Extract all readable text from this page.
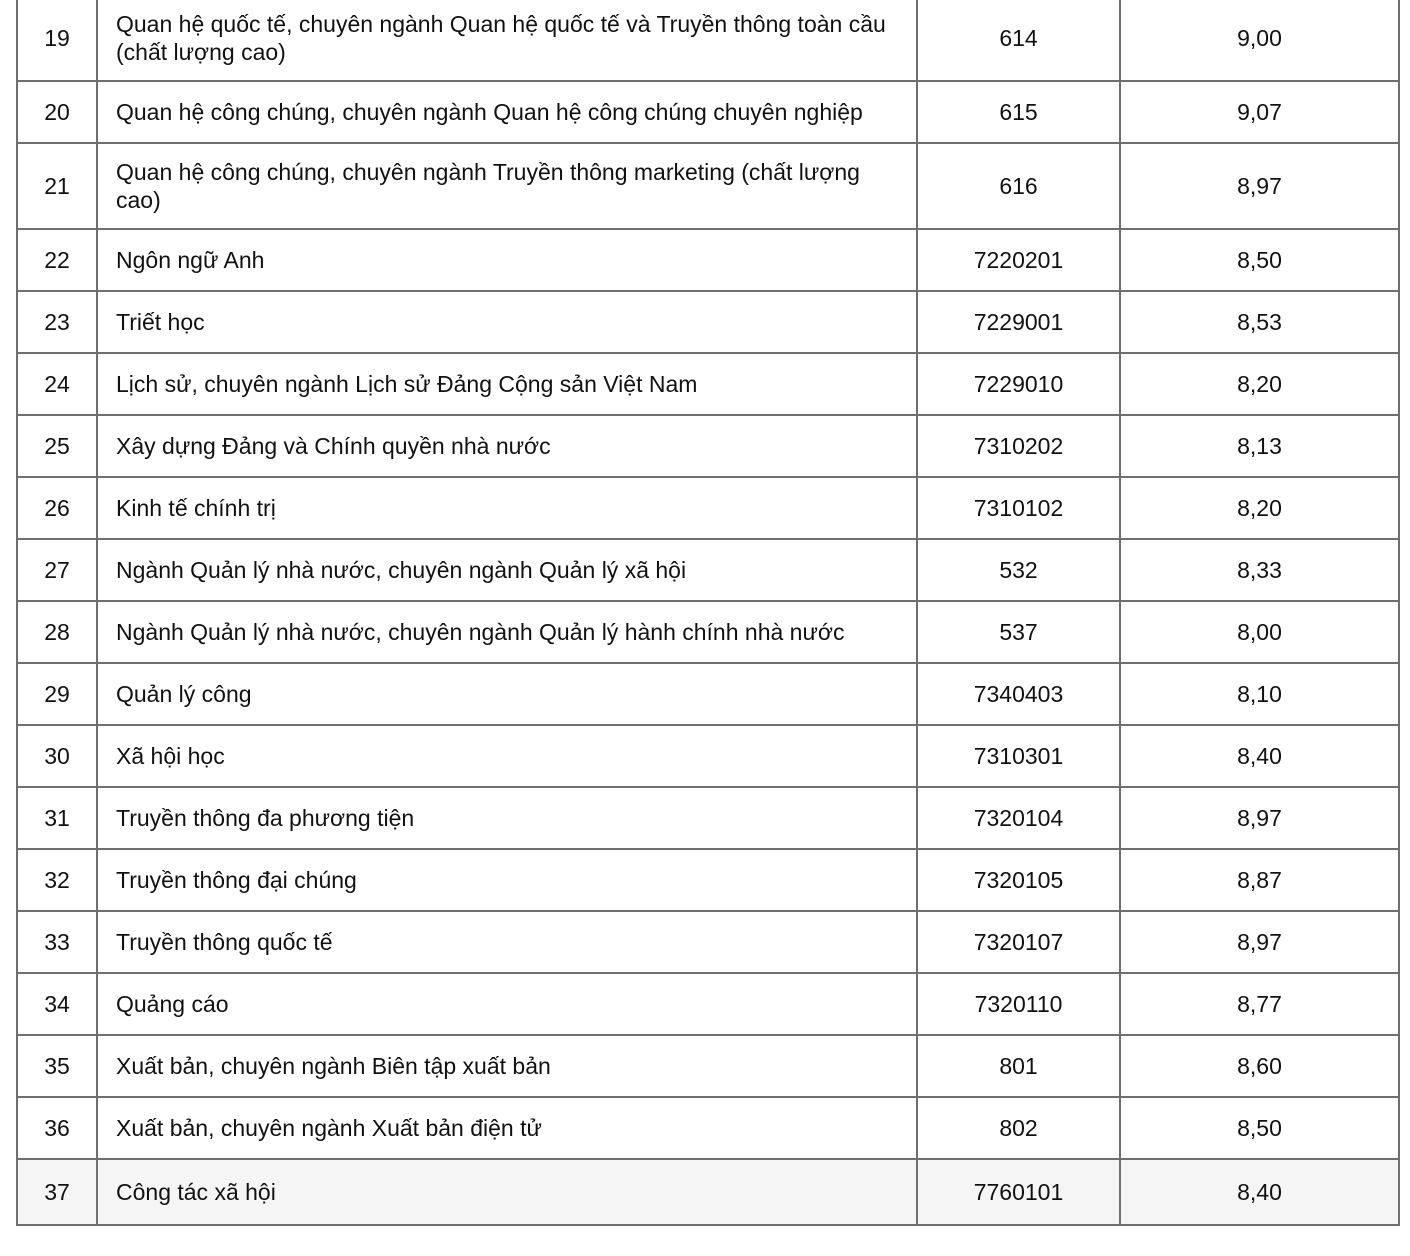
19	Quan hệ quốc tế, chuyên ngành Quan hệ quốc tế và Truyền thông toàn cầu (chất lượng cao)	614	9,00
20	Quan hệ công chúng, chuyên ngành Quan hệ công chúng chuyên nghiệp	615	9,07
21	Quan hệ công chúng, chuyên ngành Truyền thông marketing (chất lượng cao)	616	8,97
22	Ngôn ngữ Anh	7220201	8,50
23	Triết học	7229001	8,53
24	Lịch sử, chuyên ngành Lịch sử Đảng Cộng sản Việt Nam	7229010	8,20
25	Xây dựng Đảng và Chính quyền nhà nước	7310202	8,13
26	Kinh tế chính trị	7310102	8,20
27	Ngành Quản lý nhà nước, chuyên ngành Quản lý xã hội	532	8,33
28	Ngành Quản lý nhà nước, chuyên ngành Quản lý hành chính nhà nước	537	8,00
29	Quản lý công	7340403	8,10
30	Xã hội học	7310301	8,40
31	Truyền thông đa phương tiện	7320104	8,97
32	Truyền thông đại chúng	7320105	8,87
33	Truyền thông quốc tế	7320107	8,97
34	Quảng cáo	7320110	8,77
35	Xuất bản, chuyên ngành Biên tập xuất bản	801	8,60
36	Xuất bản, chuyên ngành Xuất bản điện tử	802	8,50
37	Công tác xã hội	7760101	8,40
